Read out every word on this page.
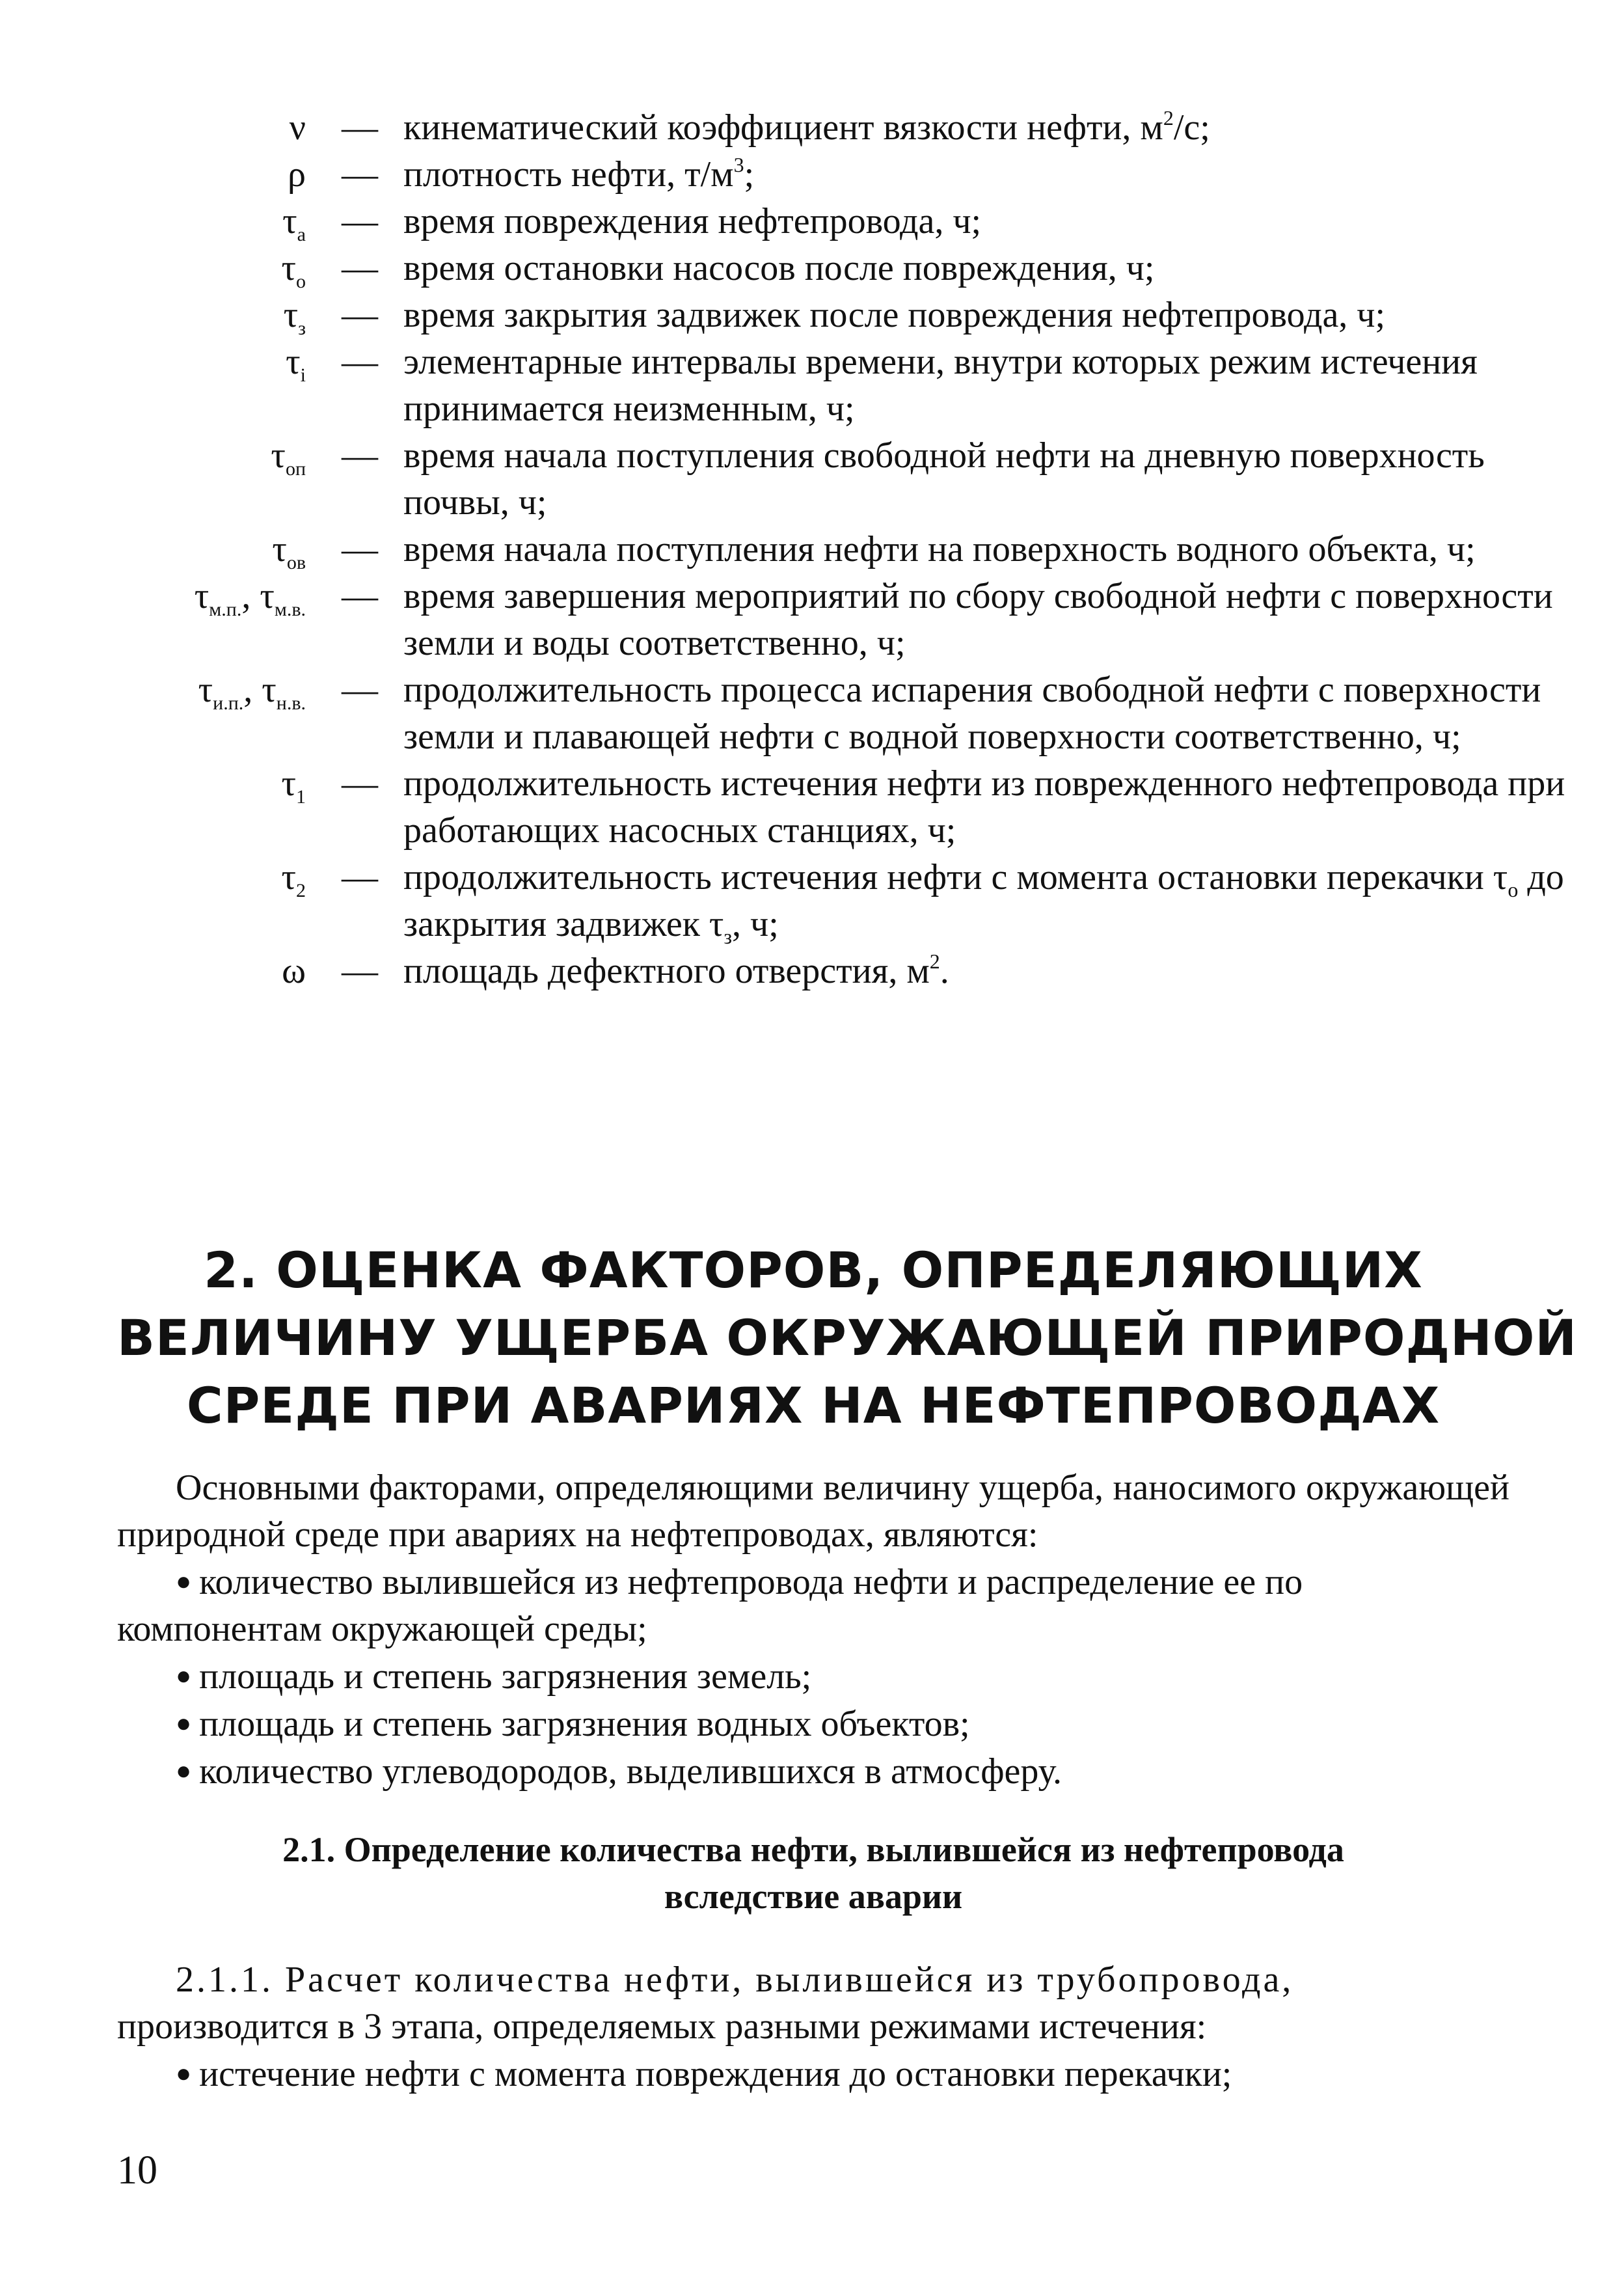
ν — кинематический коэффициент вязкости нефти, $м^2/с$;
ρ — плотность нефти, $т/м^3$;
$\tau_а$ — время повреждения нефтепровода, ч;
$\tau_о$ — время остановки насосов после повреждения, ч;
$\tau_з$ — время закрытия задвижек после повреждения нефтепровода, ч;
$\tau_i$ — элементарные интервалы времени, внутри которых режим истечения принимается неизменным, ч;
$\tau_{оп}$ — время начала поступления свободной нефти на дневную поверхность почвы, ч;
$\tau_{ов}$ — время начала поступления нефти на поверхность водного объекта, ч;
$\tau_{м.п.}$, $\tau_{м.в.}$ — время завершения мероприятий по сбору свободной нефти с поверхности земли и воды соответственно, ч;
$\tau_{и.п.}$, $\tau_{н.в.}$ — продолжительность процесса испарения свободной нефти с поверхности земли и плавающей нефти с водной поверхности соответственно, ч;
$\tau_1$ — продолжительность истечения нефти из поврежденного нефтепровода при работающих насосных станциях, ч;
$\tau_2$ — продолжительность истечения нефти с момента остановки перекачки $\tau_о$ до закрытия задвижек $\tau_з$, ч;
ω — площадь дефектного отверстия, $м^2$.
2. ОЦЕНКА ФАКТОРОВ, ОПРЕДЕЛЯЮЩИХ
ВЕЛИЧИНУ УЩЕРБА ОКРУЖАЮЩЕЙ ПРИРОДНОЙ
СРЕДЕ ПРИ АВАРИЯХ НА НЕФТЕПРОВОДАХ

Основными факторами, определяющими величину ущерба, наносимого окружающей природной среде при авариях на нефтепроводах, являются:

● количество вылившейся из нефтепровода нефти и распределение ее по компонентам окружающей среды;

● площадь и степень загрязнения земель;

● площадь и степень загрязнения водных объектов;

● количество углеводородов, выделившихся в атмосферу.

2.1. Определение количества нефти, вылившейся из нефтепровода
вследствие аварии

2.1.1. Расчет количества нефти, вылившейся из трубопровода,
производится в 3 этапа, определяемых разными режимами истечения:

● истечение нефти с момента повреждения до остановки перекачки;

10
